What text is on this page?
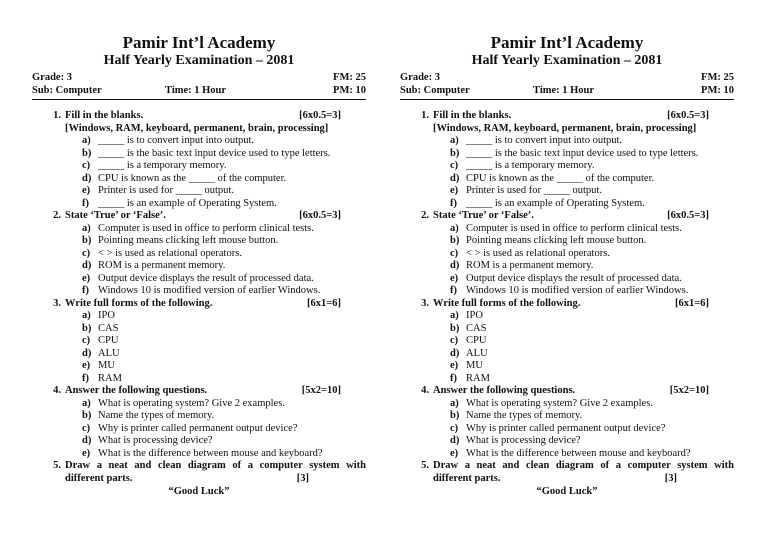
Pamir Int’l Academy
Half Yearly Examination – 2081
Grade: 3	FM: 25
Sub: Computer	Time: 1 Hour	PM: 10
1. Fill in the blanks.	[6x0.5=3]
[Windows, RAM, keyboard, permanent, brain, processing]
a) _____ is to convert input into output.
b) _____ is the basic text input device used to type letters.
c) _____ is a temporary memory.
d) CPU is known as the _____ of the computer.
e) Printer is used for _____ output.
f) _____ is an example of Operating System.
2. State ‘True’ or ‘False’.	[6x0.5=3]
a) Computer is used in office to perform clinical tests.
b) Pointing means clicking left mouse button.
c) < > is used as relational operators.
d) ROM is a permanent memory.
e) Output device displays the result of processed data.
f) Windows 10 is modified version of earlier Windows.
3. Write full forms of the following.	[6x1=6]
a) IPO
b) CAS
c) CPU
d) ALU
e) MU
f) RAM
4. Answer the following questions.	[5x2=10]
a) What is operating system? Give 2 examples.
b) Name the types of memory.
c) Why is printer called permanent output device?
d) What is processing device?
e) What is the difference between mouse and keyboard?
5. Draw a neat and clean diagram of a computer system with
different parts.	[3]
“Good Luck”
Pamir Int’l Academy
Half Yearly Examination – 2081
Grade: 3	FM: 25
Sub: Computer	Time: 1 Hour	PM: 10
1. Fill in the blanks.	[6x0.5=3]
[Windows, RAM, keyboard, permanent, brain, processing]
a) _____ is to convert input into output.
b) _____ is the basic text input device used to type letters.
c) _____ is a temporary memory.
d) CPU is known as the _____ of the computer.
e) Printer is used for _____ output.
f) _____ is an example of Operating System.
2. State ‘True’ or ‘False’.	[6x0.5=3]
a) Computer is used in office to perform clinical tests.
b) Pointing means clicking left mouse button.
c) < > is used as relational operators.
d) ROM is a permanent memory.
e) Output device displays the result of processed data.
f) Windows 10 is modified version of earlier Windows.
3. Write full forms of the following.	[6x1=6]
a) IPO
b) CAS
c) CPU
d) ALU
e) MU
f) RAM
4. Answer the following questions.	[5x2=10]
a) What is operating system? Give 2 examples.
b) Name the types of memory.
c) Why is printer called permanent output device?
d) What is processing device?
e) What is the difference between mouse and keyboard?
5. Draw a neat and clean diagram of a computer system with
different parts.	[3]
“Good Luck”
